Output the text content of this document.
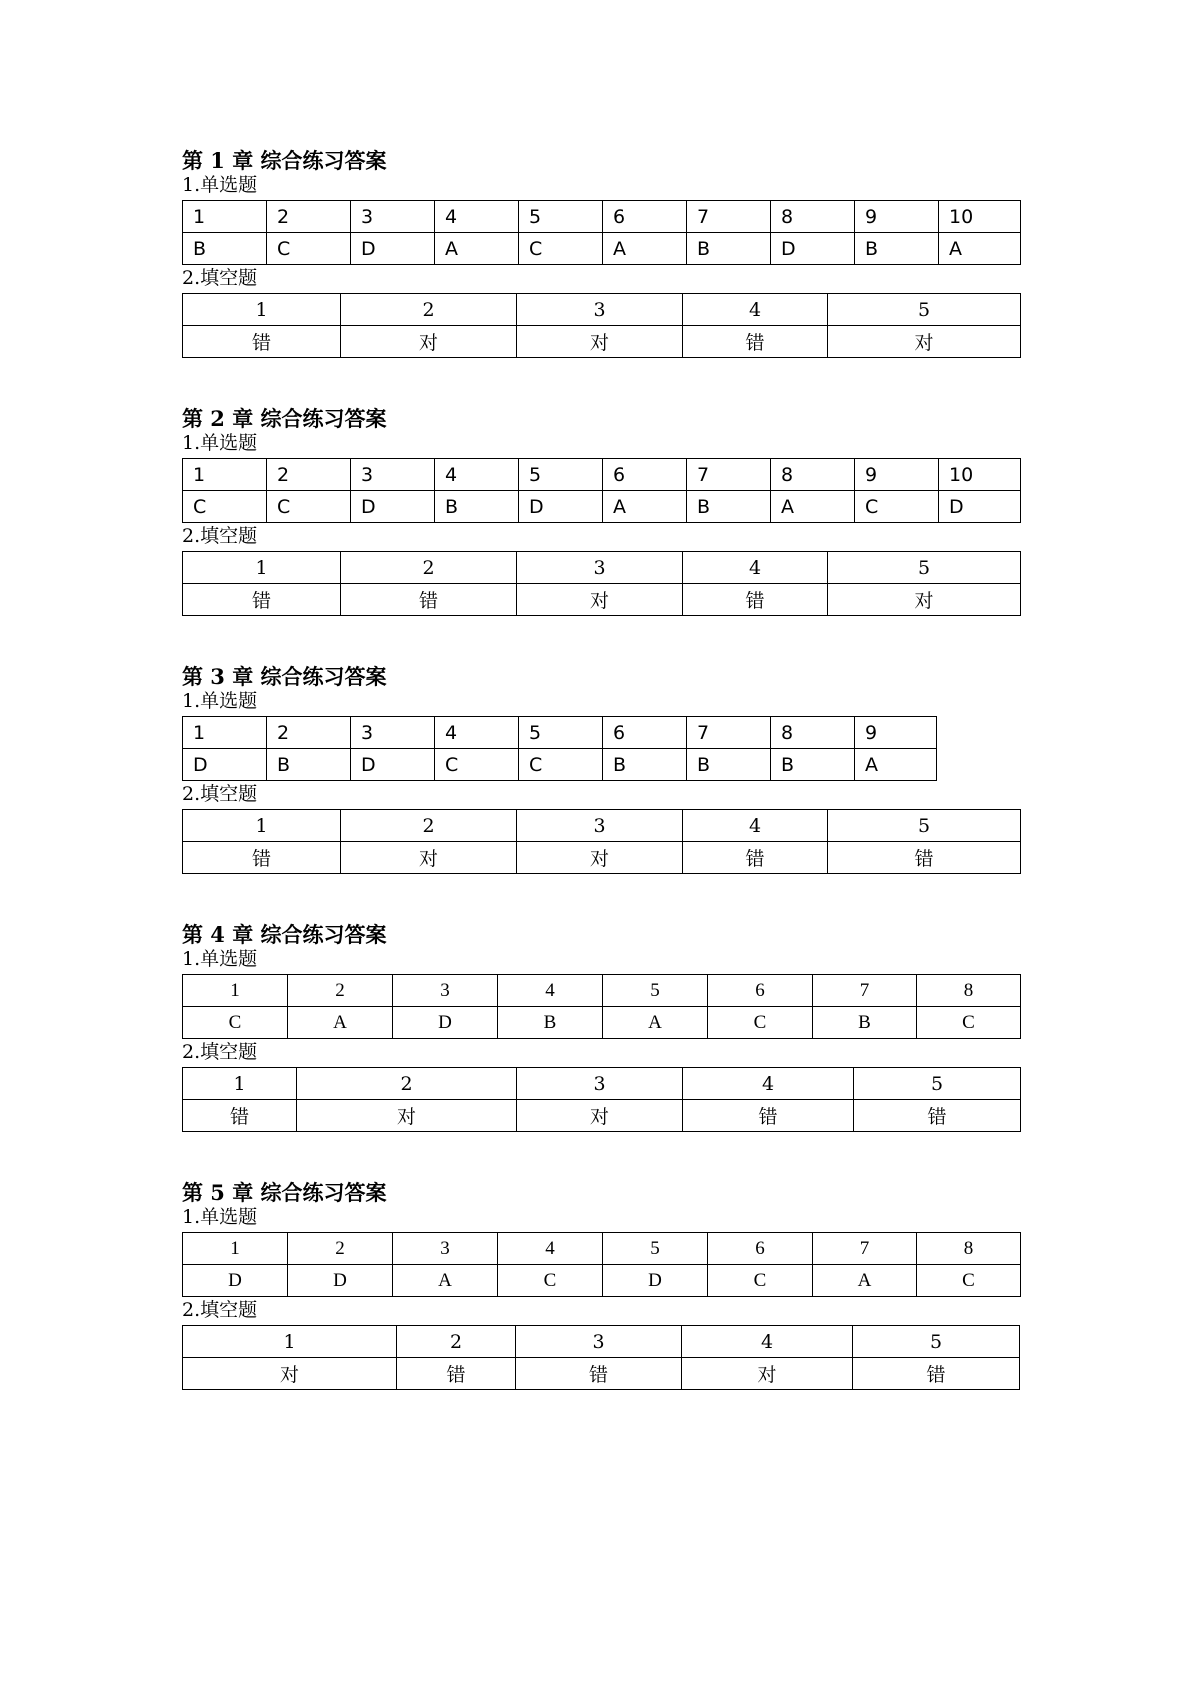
第 1 章 综合练习答案
1.单选题
1	2	3	4	5	6	7	8	9	10
B	C	D	A	C	A	B	D	B	A
2.填空题
1	2	3	4	5
错	对	对	错	对
第 2 章 综合练习答案
1.单选题
1	2	3	4	5	6	7	8	9	10
C	C	D	B	D	A	B	A	C	D
2.填空题
1	2	3	4	5
错	错	对	错	对
第 3 章 综合练习答案
1.单选题
1	2	3	4	5	6	7	8	9
D	B	D	C	C	B	B	B	A
2.填空题
1	2	3	4	5
错	对	对	错	错
第 4 章 综合练习答案
1.单选题
1	2	3	4	5	6	7	8
C	A	D	B	A	C	B	C
2.填空题
1	2	3	4	5
错	对	对	错	错
第 5 章 综合练习答案
1.单选题
1	2	3	4	5	6	7	8
D	D	A	C	D	C	A	C
2.填空题
1	2	3	4	5
对	错	错	对	错
